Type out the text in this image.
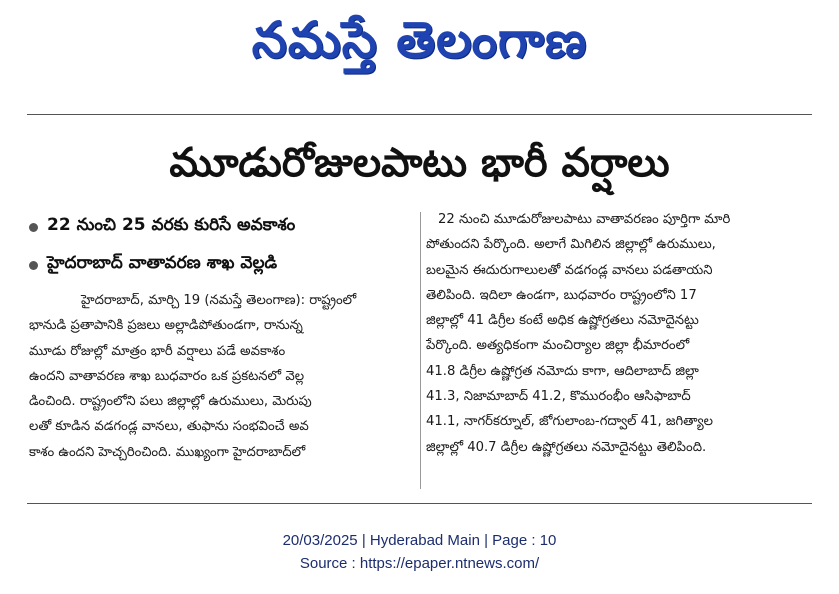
నమస్తే తెలంగాణ
మూడురోజులపాటు భారీ వర్షాలు
22 నుంచి 25 వరకు కురిసే అవకాశం
హైదరాబాద్ వాతావరణ శాఖ వెల్లడి
హైదరాబాద్, మార్చి 19 (నమస్తే తెలంగాణ): రాష్ట్రంలో
భానుడి ప్రతాపానికి ప్రజలు అల్లాడిపోతుండగా, రానున్న
మూడు రోజుల్లో మాత్రం భారీ వర్షాలు పడే అవకాశం
ఉందని వాతావరణ శాఖ బుధవారం ఒక ప్రకటనలో వెల్ల
డించింది. రాష్ట్రంలోని పలు జిల్లాల్లో ఉరుములు, మెరుపు
లతో కూడిన వడగండ్ల వానలు, తుఫాను సంభవించే అవ
కాశం ఉందని హెచ్చరించింది. ముఖ్యంగా హైదరాబాద్‌లో
22 నుంచి మూడురోజులపాటు వాతావరణం పూర్తిగా మారి
పోతుందని పేర్కొంది. అలాగే మిగిలిన జిల్లాల్లో ఉరుములు,
బలమైన ఈదురుగాలులతో వడగండ్ల వానలు పడతాయని
తెలిపింది. ఇదిలా ఉండగా, బుధవారం రాష్ట్రంలోని 17
జిల్లాల్లో 41 డిగ్రీల కంటే అధిక ఉష్ణోగ్రతలు నమోదైనట్టు
పేర్కొంది. అత్యధికంగా మంచిర్యాల జిల్లా భీమారంలో
41.8 డిగ్రీల ఉష్ణోగ్రత నమోదు కాగా, ఆదిలాబాద్ జిల్లా
41.3, నిజామాబాద్ 41.2, కొమురంభీం ఆసిఫాబాద్
41.1, నాగర్‌కర్నూల్, జోగులాంబ-గద్వాల్ 41, జగిత్యాల
జిల్లాల్లో 40.7 డిగ్రీల ఉష్ణోగ్రతలు నమోదైనట్టు తెలిపింది.
20/03/2025 | Hyderabad Main | Page : 10
Source : https://epaper.ntnews.com/
